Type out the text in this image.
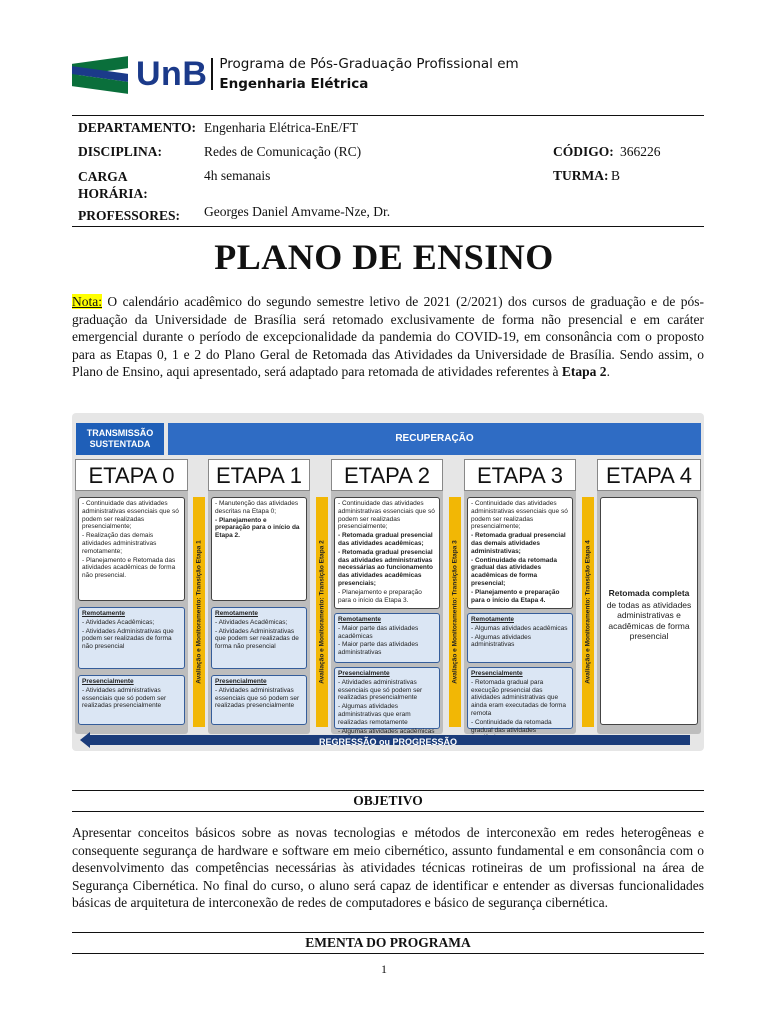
UnB Programa de Pós-Graduação Profissional em
Engenharia Elétrica
DEPARTAMENTO: Engenharia Elétrica-EnE/FT
DISCIPLINA:	Redes de Comunicação (RC)	CÓDIGO: 366226
CARGA
HORÁRIA:
4h semanais	TURMA: B
PROFESSORES: Georges Daniel Amvame-Nze, Dr.
PLANO DE ENSINO
Nota: O calendário acadêmico do segundo semestre letivo de 2021 (2/2021) dos cursos de graduação e de pós-graduação da Universidade de Brasília será retomado exclusivamente de forma não presencial e em caráter emergencial durante o período de excepcionalidade da pandemia do COVID-19, em consonância com o proposto para as Etapas 0, 1 e 2 do Plano Geral de Retomada das Atividades da Universidade de Brasília. Sendo assim, o Plano de Ensino, aqui apresentado, será adaptado para retomada de atividades referentes à Etapa 2.
TRANSMISSÃO SUSTENTADA	RECUPERAÇÃO
ETAPA 0

- Continuidade das atividades administrativas essenciais que só podem ser realizadas presencialmente;

- Realização das demais atividades administrativas remotamente;

- Planejamento e Retomada das atividades acadêmicas de forma não presencial.

Remotamente

- Atividades Acadêmicas;

- Atividades Administrativas que podem ser realizadas de forma não presencial

Presencialmente

- Atividades administrativas essenciais que só podem ser realizadas presencialmente

Avaliação e Monitoramento: Transição Etapa 1
ETAPA 1

- Manutenção das atividades descritas na Etapa 0;

- Planejamento e preparação para o início da Etapa 2.

Remotamente

- Atividades Acadêmicas;

- Atividades Administrativas que podem ser realizadas de forma não presencial

Presencialmente

- Atividades administrativas essenciais que só podem ser realizadas presencialmente

Avaliação e Monitoramento: Transição Etapa 2
ETAPA 2

- Continuidade das atividades administrativas essenciais que só podem ser realizadas presencialmente;

- Retomada gradual presencial das atividades acadêmicas;

- Retomada gradual presencial das atividades administrativas necessárias ao funcionamento das atividades acadêmicas presenciais;

- Planejamento e preparação para o início da Etapa 3.

Remotamente

- Maior parte das atividades acadêmicas

- Maior parte das atividades administrativas

Presencialmente

- Atividades administrativas essenciais que só podem ser realizadas presencialmente

- Algumas atividades administrativas que eram realizadas remotamente

- Algumas atividades acadêmicas

Avaliação e Monitoramento: Transição Etapa 3
ETAPA 3

- Continuidade das atividades administrativas essenciais que só podem ser realizadas presencialmente;

- Retomada gradual presencial das demais atividades administrativas;

- Continuidade da retomada gradual das atividades acadêmicas de forma presencial;

- Planejamento e preparação para o início da Etapa 4.

Remotamente

- Algumas atividades acadêmicas

- Algumas atividades administrativas

Presencialmente

- Retomada gradual para execução presencial das atividades administrativas que ainda eram executadas de forma remota

- Continuidade da retomada gradual das atividades

Avaliação e Monitoramento: Transição Etapa 4
ETAPA 4

Retomada completa

de todas as atividades administrativas e acadêmicas de forma presencial

REGRESSÃO ou PROGRESSÃO
OBJETIVO
Apresentar conceitos básicos sobre as novas tecnologias e métodos de interconexão em redes heterogêneas e consequente segurança de hardware e software em meio cibernético, assunto fundamental e em consonância com o desenvolvimento das competências necessárias às atividades técnicas rotineiras de um profissional na área de Segurança Cibernética. No final do curso, o aluno será capaz de identificar e entender as diversas funcionalidades básicas de arquitetura de interconexão de redes de computadores e básico de segurança cibernética.
EMENTA DO PROGRAMA
1
